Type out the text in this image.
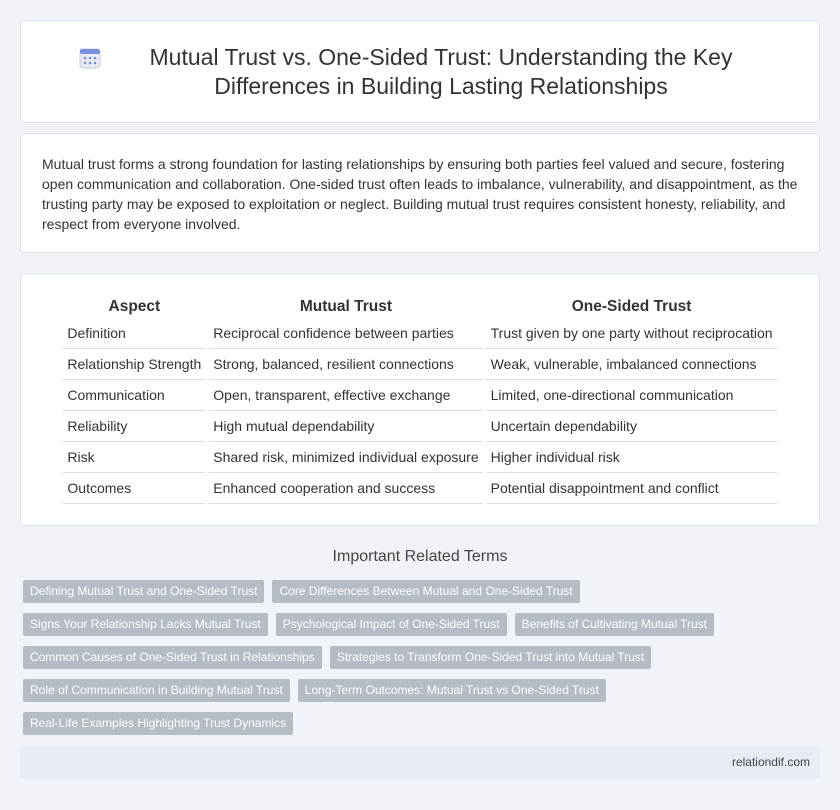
Mutual Trust vs. One-Sided Trust: Understanding the Key Differences in Building Lasting Relationships

Mutual trust forms a strong foundation for lasting relationships by ensuring both parties feel valued and secure, fostering open communication and collaboration. One-sided trust often leads to imbalance, vulnerability, and disappointment, as the trusting party may be exposed to exploitation or neglect. Building mutual trust requires consistent honesty, reliability, and respect from everyone involved.

Aspect	Mutual Trust	One-Sided Trust
Definition	Reciprocal confidence between parties	Trust given by one party without reciprocation
Relationship Strength	Strong, balanced, resilient connections	Weak, vulnerable, imbalanced connections
Communication	Open, transparent, effective exchange	Limited, one-directional communication
Reliability	High mutual dependability	Uncertain dependability
Risk	Shared risk, minimized individual exposure	Higher individual risk
Outcomes	Enhanced cooperation and success	Potential disappointment and conflict
Important Related Terms
Defining Mutual Trust and One-Sided Trust	Core Differences Between Mutual and One-Sided Trust
Signs Your Relationship Lacks Mutual Trust	Psychological Impact of One-Sided Trust	Benefits of Cultivating Mutual Trust
Common Causes of One-Sided Trust in Relationships	Strategies to Transform One-Sided Trust into Mutual Trust
Role of Communication in Building Mutual Trust	Long-Term Outcomes: Mutual Trust vs One-Sided Trust
Real-Life Examples Highlighting Trust Dynamics
relationdif.com
